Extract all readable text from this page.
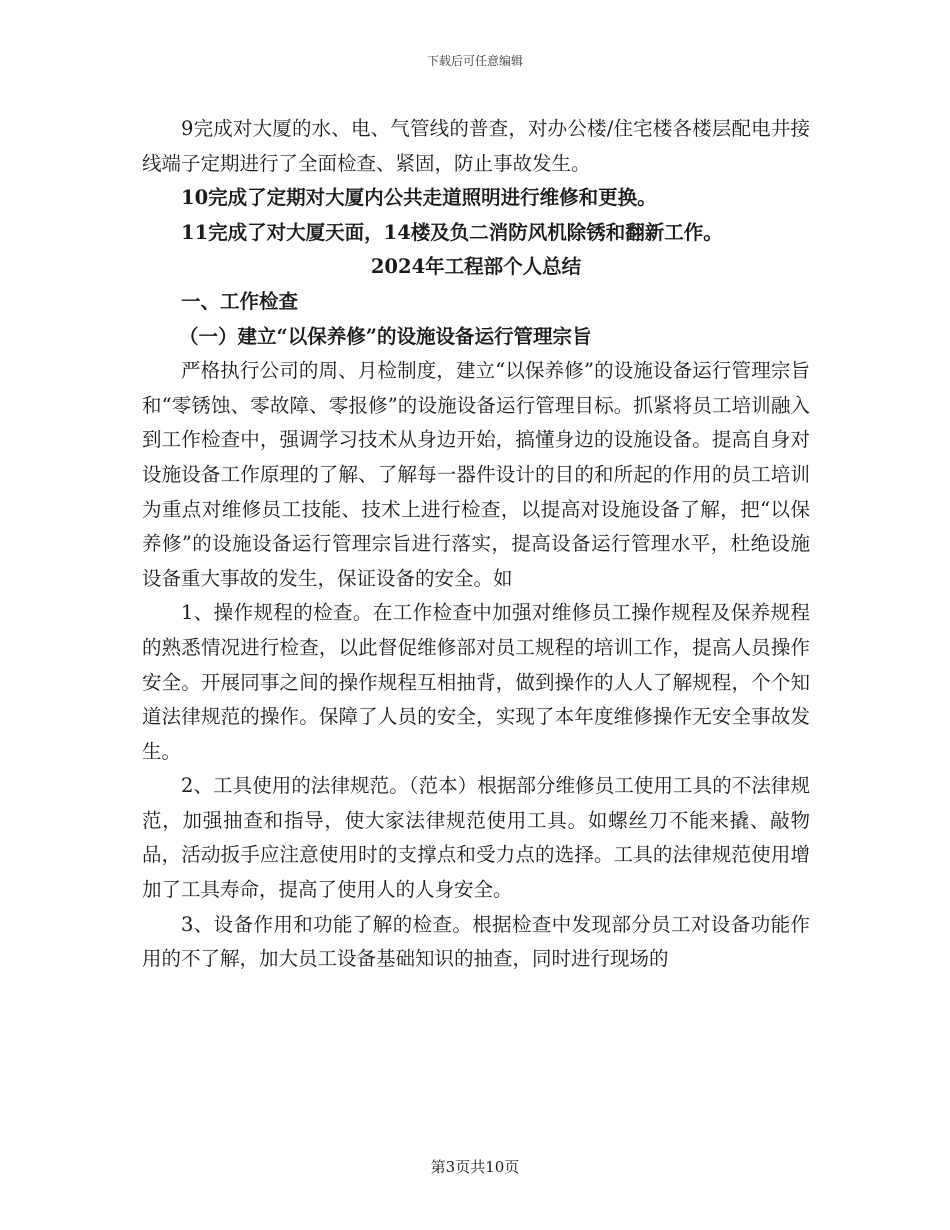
下载后可任意编辑

9完成对大厦的水、电、气管线的普查，对办公楼/住宅楼各楼层配电井接线端子定期进行了全面检查、紧固，防止事故发生。

10完成了定期对大厦内公共走道照明进行维修和更换。

11完成了对大厦天面，14楼及负二消防风机除锈和翻新工作。

2024年工程部个人总结

一、工作检查

（一）建立“以保养修”的设施设备运行管理宗旨

严格执行公司的周、月检制度，建立“以保养修”的设施设备运行管理宗旨和“零锈蚀、零故障、零报修”的设施设备运行管理目标。抓紧将员工培训融入到工作检查中，强调学习技术从身边开始，搞懂身边的设施设备。提高自身对设施设备工作原理的了解、了解每一器件设计的目的和所起的作用的员工培训为重点对维修员工技能、技术上进行检查，以提高对设施设备了解，把“以保养修”的设施设备运行管理宗旨进行落实，提高设备运行管理水平，杜绝设施设备重大事故的发生，保证设备的安全。如

1、操作规程的检查。在工作检查中加强对维修员工操作规程及保养规程的熟悉情况进行检查，以此督促维修部对员工规程的培训工作，提高人员操作安全。开展同事之间的操作规程互相抽背，做到操作的人人了解规程，个个知道法律规范的操作。保障了人员的安全，实现了本年度维修操作无安全事故发生。

2、工具使用的法律规范。（范本）根据部分维修员工使用工具的不法律规范，加强抽查和指导，使大家法律规范使用工具。如螺丝刀不能来撬、敲物品，活动扳手应注意使用时的支撑点和受力点的选择。工具的法律规范使用增加了工具寿命，提高了使用人的人身安全。

3、设备作用和功能了解的检查。根据检查中发现部分员工对设备功能作用的不了解，加大员工设备基础知识的抽查，同时进行现场的

第3页共10页
